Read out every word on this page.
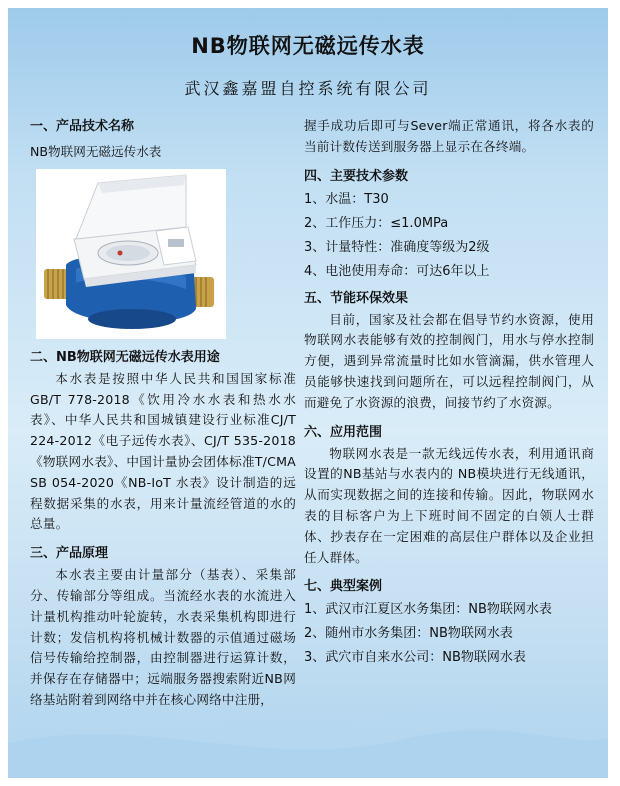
NB物联网无磁远传水表
武汉鑫嘉盟自控系统有限公司
一、产品技术名称
NB物联网无磁远传水表
二、NB物联网无磁远传水表用途
本水表是按照中华人民共和国国家标准GB/T 778-2018《饮用冷水水表和热水水表》、中华人民共和国城镇建设行业标准CJ/T 224-2012《电子远传水表》、CJ/T 535-2018《物联网水表》、中国计量协会团体标准T/CMA SB 054-2020《NB-IoT 水表》设计制造的远程数据采集的水表，用来计量流经管道的水的总量。
三、产品原理
本水表主要由计量部分（基表）、采集部分、传输部分等组成。当流经水表的水流进入计量机构推动叶轮旋转，水表采集机构即进行计数；发信机构将机械计数器的示值通过磁场信号传输给控制器，由控制器进行运算计数，并保存在存储器中；远端服务器搜索附近NB网络基站附着到网络中并在核心网络中注册，
握手成功后即可与Sever端正常通讯，将各水表的当前计数传送到服务器上显示在各终端。
四、主要技术参数
1、水温：T30
2、工作压力：≤1.0MPa
3、计量特性：准确度等级为2级
4、电池使用寿命：可达6年以上
五、节能环保效果
目前，国家及社会都在倡导节约水资源，使用物联网水表能够有效的控制阀门，用水与停水控制方便，遇到异常流量时比如水管滴漏，供水管理人员能够快速找到问题所在，可以远程控制阀门，从而避免了水资源的浪费，间接节约了水资源。
六、应用范围
物联网水表是一款无线远传水表，利用通讯商设置的NB基站与水表内的 NB模块进行无线通讯，从而实现数据之间的连接和传输。因此，物联网水表的目标客户为上下班时间不固定的白领人士群体、抄表存在一定困难的高层住户群体以及企业担任人群体。
七、典型案例
1、武汉市江夏区水务集团：NB物联网水表
2、随州市水务集团：NB物联网水表
3、武穴市自来水公司：NB物联网水表
